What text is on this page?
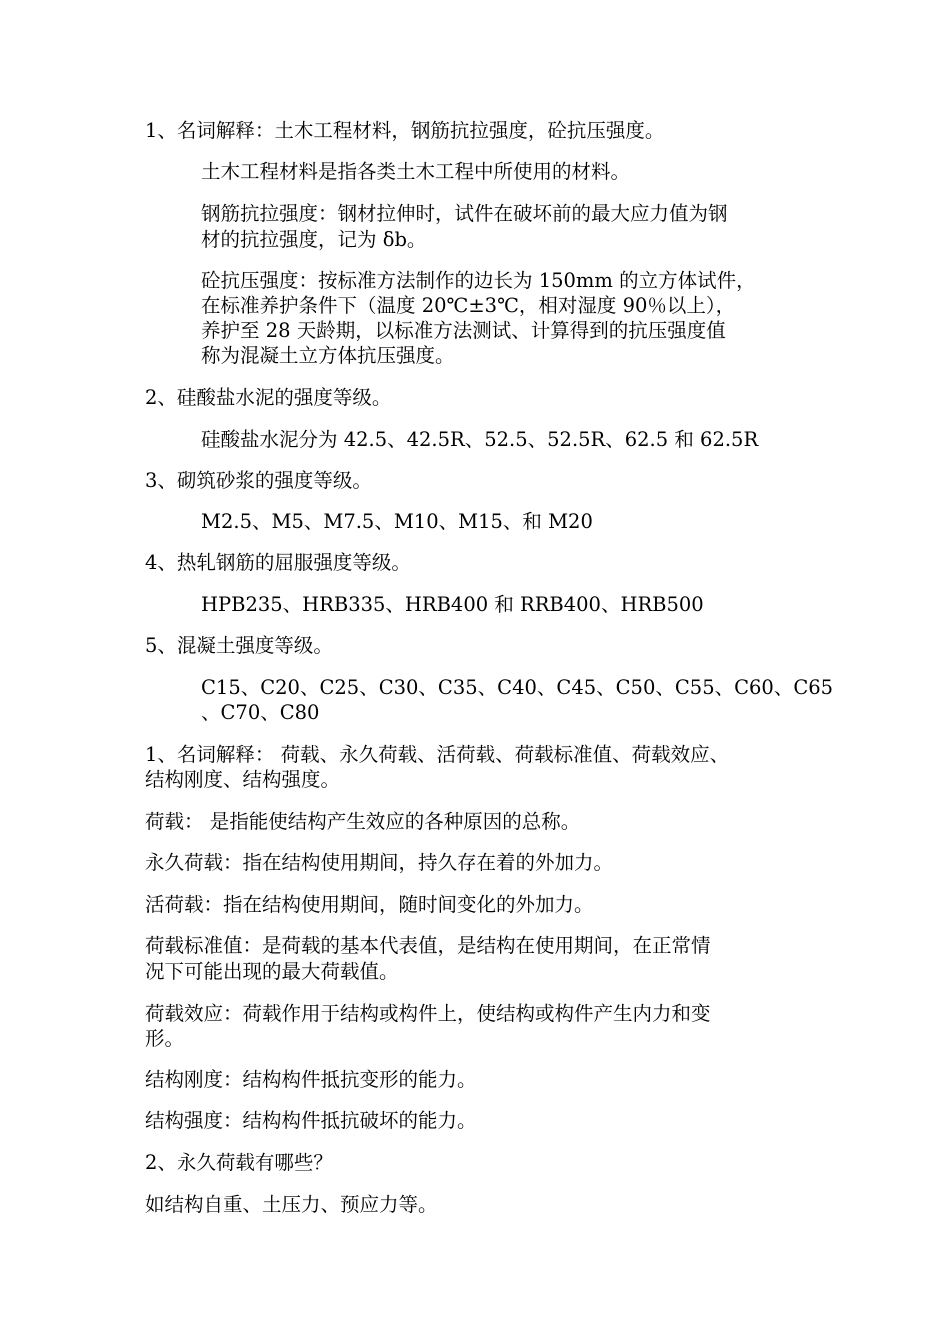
1、名词解释：土木工程材料，钢筋抗拉强度，砼抗压强度。

土木工程材料是指各类土木工程中所使用的材料。

钢筋抗拉强度：钢材拉伸时，试件在破坏前的最大应力值为钢

材的抗拉强度，记为 δb。

砼抗压强度：按标准方法制作的边长为 150mm 的立方体试件，

在标准养护条件下（温度 20℃±3℃，相对湿度 90％以上），

养护至 28 天龄期，以标准方法测试、计算得到的抗压强度值

称为混凝土立方体抗压强度。

2、硅酸盐水泥的强度等级。

硅酸盐水泥分为 42.5、42.5R、52.5、52.5R、62.5 和 62.5R

3、砌筑砂浆的强度等级。

M2.5、M5、M7.5、M10、M15、和 M20

4、热轧钢筋的屈服强度等级。

HPB235、HRB335、HRB400 和 RRB400、HRB500

5、混凝土强度等级。

C15、C20、C25、C30、C35、C40、C45、C50、C55、C60、C65

、C70、C80

1、名词解释： 荷载、永久荷载、活荷载、荷载标准值、荷载效应、

结构刚度、结构强度。

荷载： 是指能使结构产生效应的各种原因的总称。

永久荷载：指在结构使用期间，持久存在着的外加力。

活荷载：指在结构使用期间，随时间变化的外加力。

荷载标准值：是荷载的基本代表值，是结构在使用期间，在正常情

况下可能出现的最大荷载值。

荷载效应：荷载作用于结构或构件上，使结构或构件产生内力和变

形。

结构刚度：结构构件抵抗变形的能力。

结构强度：结构构件抵抗破坏的能力。

2、永久荷载有哪些？

如结构自重、土压力、预应力等。
